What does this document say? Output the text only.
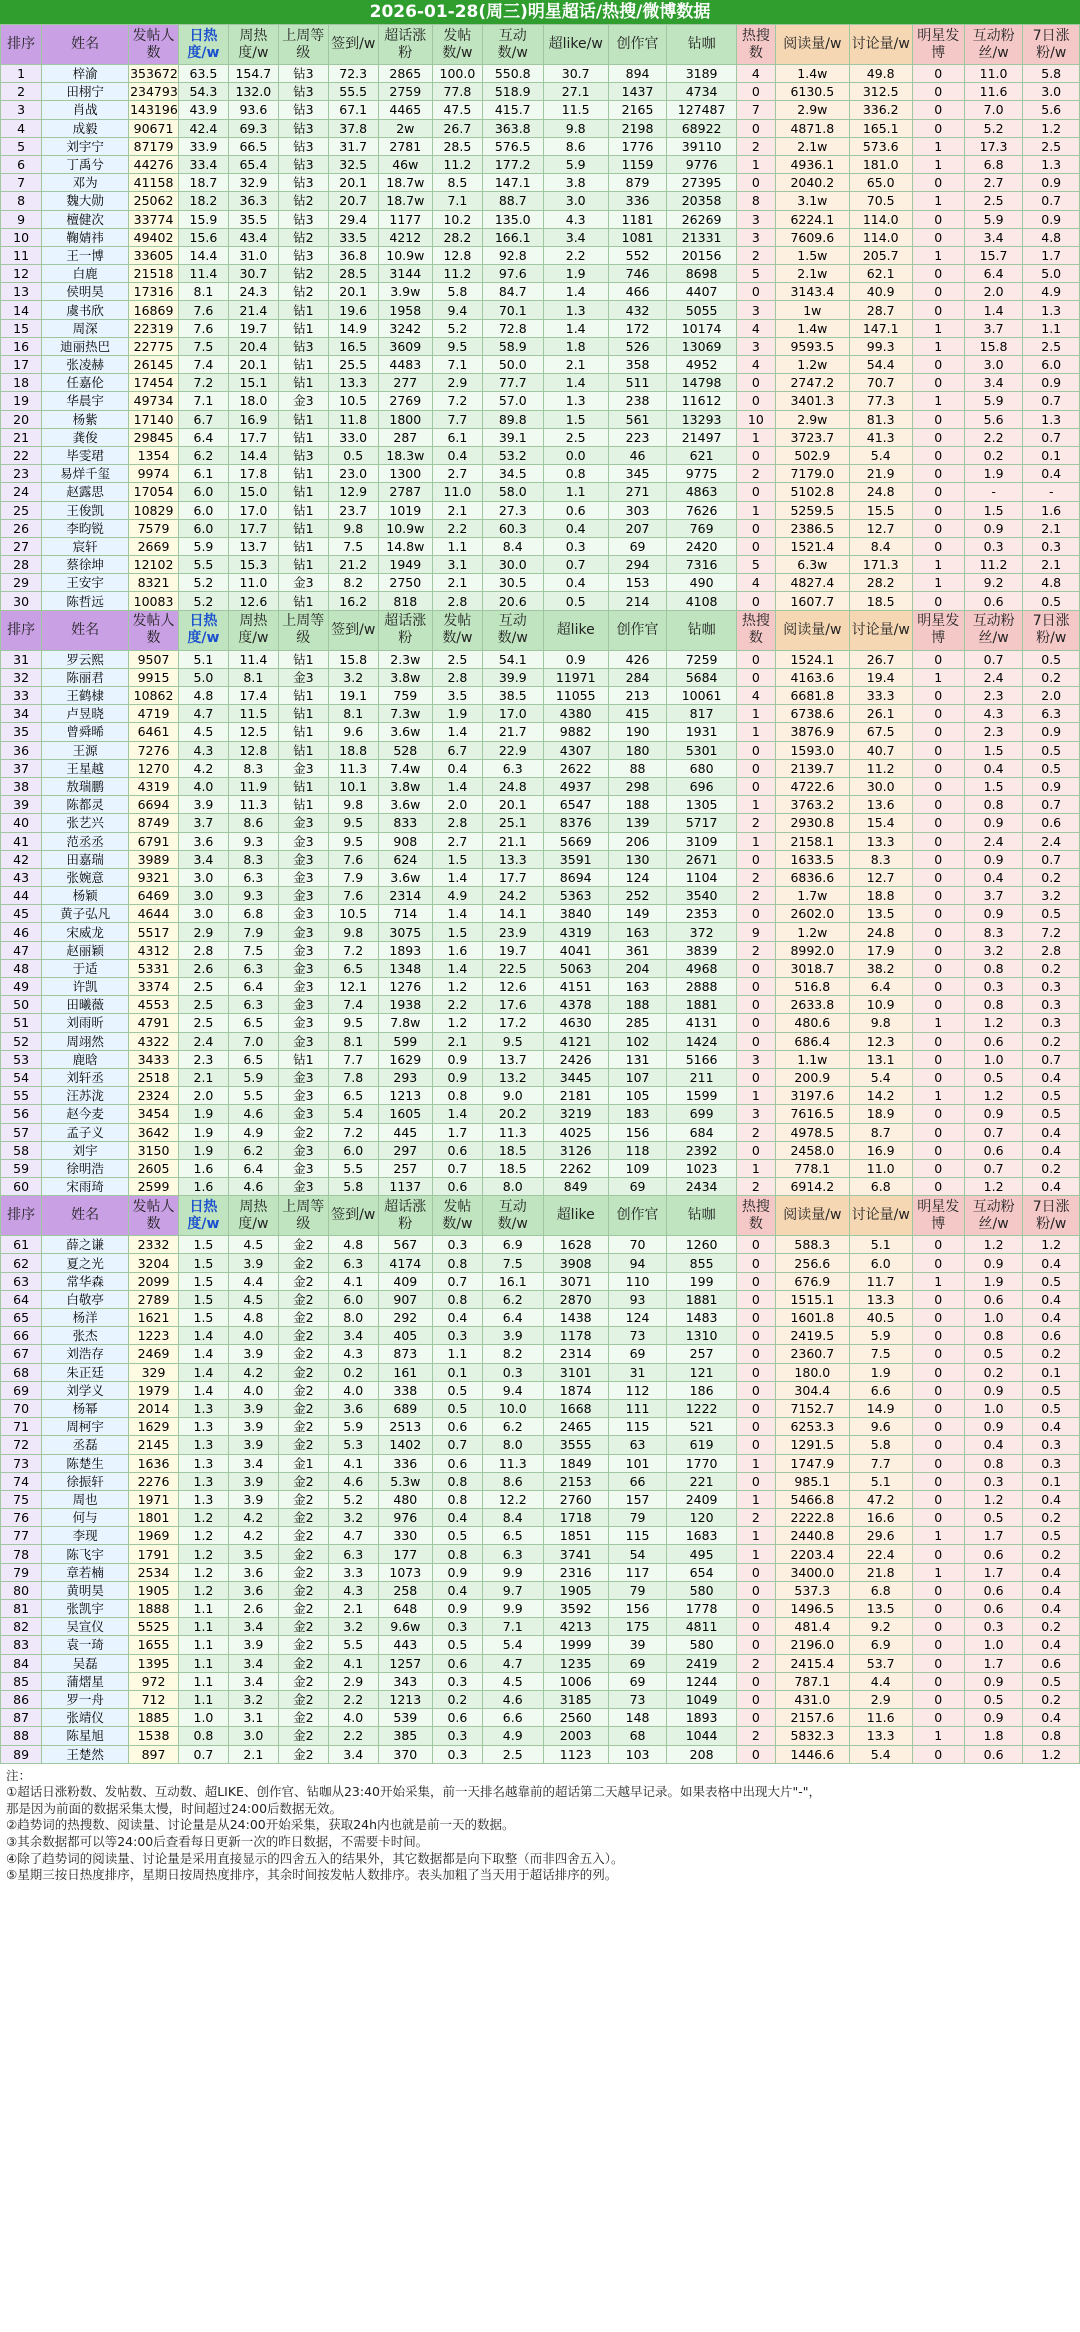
2026-01-28(周三)明星超话/热搜/微博数据
排序	姓名	发帖人数	日热度/w	周热度/w	上周等级	签到/w	超话涨粉	发帖数/w	互动数/w	超like/w	创作官	钻咖	热搜数	阅读量/w	讨论量/w	明星发博	互动粉丝/w	7日涨粉/w
1	梓渝	353672	63.5	154.7	钻3	72.3	2865	100.0	550.8	30.7	894	3189	4	1.4w	49.8	0	11.0	5.8
2	田栩宁	234793	54.3	132.0	钻3	55.5	2759	77.8	518.9	27.1	1437	4734	0	6130.5	312.5	0	11.6	3.0
3	肖战	143196	43.9	93.6	钻3	67.1	4465	47.5	415.7	11.5	2165	127487	7	2.9w	336.2	0	7.0	5.6
4	成毅	90671	42.4	69.3	钻3	37.8	2w	26.7	363.8	9.8	2198	68922	0	4871.8	165.1	0	5.2	1.2
5	刘宇宁	87179	33.9	66.5	钻3	31.7	2781	28.5	576.5	8.6	1776	39110	2	2.1w	573.6	1	17.3	2.5
6	丁禹兮	44276	33.4	65.4	钻3	32.5	46w	11.2	177.2	5.9	1159	9776	1	4936.1	181.0	1	6.8	1.3
7	邓为	41158	18.7	32.9	钻3	20.1	18.7w	8.5	147.1	3.8	879	27395	0	2040.2	65.0	0	2.7	0.9
8	魏大勋	25062	18.2	36.3	钻2	20.7	18.7w	7.1	88.7	3.0	336	20358	8	3.1w	70.5	1	2.5	0.7
9	檀健次	33774	15.9	35.5	钻3	29.4	1177	10.2	135.0	4.3	1181	26269	3	6224.1	114.0	0	5.9	0.9
10	鞠婧祎	49402	15.6	43.4	钻2	33.5	4212	28.2	166.1	3.4	1081	21331	3	7609.6	114.0	0	3.4	4.8
11	王一博	33605	14.4	31.0	钻3	36.8	10.9w	12.8	92.8	2.2	552	20156	2	1.5w	205.7	1	15.7	1.7
12	白鹿	21518	11.4	30.7	钻2	28.5	3144	11.2	97.6	1.9	746	8698	5	2.1w	62.1	0	6.4	5.0
13	侯明昊	17316	8.1	24.3	钻2	20.1	3.9w	5.8	84.7	1.4	466	4407	0	3143.4	40.9	0	2.0	4.9
14	虞书欣	16869	7.6	21.4	钻1	19.6	1958	9.4	70.1	1.3	432	5055	3	1w	28.7	0	1.4	1.3
15	周深	22319	7.6	19.7	钻1	14.9	3242	5.2	72.8	1.4	172	10174	4	1.4w	147.1	1	3.7	1.1
16	迪丽热巴	22775	7.5	20.4	钻3	16.5	3609	9.5	58.9	1.8	526	13069	3	9593.5	99.3	1	15.8	2.5
17	张凌赫	26145	7.4	20.1	钻1	25.5	4483	7.1	50.0	2.1	358	4952	4	1.2w	54.4	0	3.0	6.0
18	任嘉伦	17454	7.2	15.1	钻1	13.3	277	2.9	77.7	1.4	511	14798	0	2747.2	70.7	0	3.4	0.9
19	华晨宇	49734	7.1	18.0	金3	10.5	2769	7.2	57.0	1.3	238	11612	0	3401.3	77.3	1	5.9	0.7
20	杨紫	17140	6.7	16.9	钻1	11.8	1800	7.7	89.8	1.5	561	13293	10	2.9w	81.3	0	5.6	1.3
21	龚俊	29845	6.4	17.7	钻1	33.0	287	6.1	39.1	2.5	223	21497	1	3723.7	41.3	0	2.2	0.7
22	毕雯珺	1354	6.2	14.4	钻3	0.5	18.3w	0.4	53.2	0.0	46	621	0	502.9	5.4	0	0.2	0.1
23	易烊千玺	9974	6.1	17.8	钻1	23.0	1300	2.7	34.5	0.8	345	9775	2	7179.0	21.9	0	1.9	0.4
24	赵露思	17054	6.0	15.0	钻1	12.9	2787	11.0	58.0	1.1	271	4863	0	5102.8	24.8	0	-	-
25	王俊凯	10829	6.0	17.0	钻1	23.7	1019	2.1	27.3	0.6	303	7626	1	5259.5	15.5	0	1.5	1.6
26	李昀锐	7579	6.0	17.7	钻1	9.8	10.9w	2.2	60.3	0.4	207	769	0	2386.5	12.7	0	0.9	2.1
27	宸轩	2669	5.9	13.7	钻1	7.5	14.8w	1.1	8.4	0.3	69	2420	0	1521.4	8.4	0	0.3	0.3
28	蔡徐坤	12102	5.5	15.3	钻1	21.2	1949	3.1	30.0	0.7	294	7316	5	6.3w	171.3	1	11.2	2.1
29	王安宇	8321	5.2	11.0	金3	8.2	2750	2.1	30.5	0.4	153	490	4	4827.4	28.2	1	9.2	4.8
30	陈哲远	10083	5.2	12.6	钻1	16.2	818	2.8	20.6	0.5	214	4108	0	1607.7	18.5	0	0.6	0.5
排序	姓名	发帖人数	日热度/w	周热度/w	上周等级	签到/w	超话涨粉	发帖数/w	互动数/w	超like	创作官	钻咖	热搜数	阅读量/w	讨论量/w	明星发博	互动粉丝/w	7日涨粉/w
31	罗云熙	9507	5.1	11.4	钻1	15.8	2.3w	2.5	54.1	0.9	426	7259	0	1524.1	26.7	0	0.7	0.5
32	陈丽君	9915	5.0	8.1	金3	3.2	3.8w	2.8	39.9	11971	284	5684	0	4163.6	19.4	1	2.4	0.2
33	王鹤棣	10862	4.8	17.4	钻1	19.1	759	3.5	38.5	11055	213	10061	4	6681.8	33.3	0	2.3	2.0
34	卢昱晓	4719	4.7	11.5	钻1	8.1	7.3w	1.9	17.0	4380	415	817	1	6738.6	26.1	0	4.3	6.3
35	曾舜晞	6461	4.5	12.5	钻1	9.6	3.6w	1.4	21.7	9882	190	1931	1	3876.9	67.5	0	2.3	0.9
36	王源	7276	4.3	12.8	钻1	18.8	528	6.7	22.9	4307	180	5301	0	1593.0	40.7	0	1.5	0.5
37	王星越	1270	4.2	8.3	金3	11.3	7.4w	0.4	6.3	2622	88	680	0	2139.7	11.2	0	0.4	0.5
38	敖瑞鹏	4319	4.0	11.9	钻1	10.1	3.8w	1.4	24.8	4937	298	696	0	4722.6	30.0	0	1.5	0.9
39	陈都灵	6694	3.9	11.3	钻1	9.8	3.6w	2.0	20.1	6547	188	1305	1	3763.2	13.6	0	0.8	0.7
40	张艺兴	8749	3.7	8.6	金3	9.5	833	2.8	25.1	8376	139	5717	2	2930.8	15.4	0	0.9	0.6
41	范丞丞	6791	3.6	9.3	金3	9.5	908	2.7	21.1	5669	206	3109	1	2158.1	13.3	0	2.4	2.4
42	田嘉瑞	3989	3.4	8.3	金3	7.6	624	1.5	13.3	3591	130	2671	0	1633.5	8.3	0	0.9	0.7
43	张婉意	9321	3.0	6.3	金3	7.9	3.6w	1.4	17.7	8694	124	1104	2	6836.6	12.7	0	0.4	0.2
44	杨颖	6469	3.0	9.3	金3	7.6	2314	4.9	24.2	5363	252	3540	2	1.7w	18.8	0	3.7	3.2
45	黄子弘凡	4644	3.0	6.8	金3	10.5	714	1.4	14.1	3840	149	2353	0	2602.0	13.5	0	0.9	0.5
46	宋威龙	5517	2.9	7.9	金3	9.8	3075	1.5	23.9	4319	163	372	9	1.2w	24.8	0	8.3	7.2
47	赵丽颖	4312	2.8	7.5	金3	7.2	1893	1.6	19.7	4041	361	3839	2	8992.0	17.9	0	3.2	2.8
48	于适	5331	2.6	6.3	金3	6.5	1348	1.4	22.5	5063	204	4968	0	3018.7	38.2	0	0.8	0.2
49	许凯	3374	2.5	6.4	金3	12.1	1276	1.2	12.6	4151	163	2888	0	516.8	6.4	0	0.3	0.3
50	田曦薇	4553	2.5	6.3	金3	7.4	1938	2.2	17.6	4378	188	1881	0	2633.8	10.9	0	0.8	0.3
51	刘雨昕	4791	2.5	6.5	金3	9.5	7.8w	1.2	17.2	4630	285	4131	0	480.6	9.8	1	1.2	0.3
52	周翊然	4322	2.4	7.0	金3	8.1	599	2.1	9.5	4121	102	1424	0	686.4	12.3	0	0.6	0.2
53	鹿晗	3433	2.3	6.5	钻1	7.7	1629	0.9	13.7	2426	131	5166	3	1.1w	13.1	0	1.0	0.7
54	刘轩丞	2518	2.1	5.9	金3	7.8	293	0.9	13.2	3445	107	211	0	200.9	5.4	0	0.5	0.4
55	汪苏泷	2324	2.0	5.5	金3	6.5	1213	0.8	9.0	2181	105	1599	1	3197.6	14.2	1	1.2	0.5
56	赵今麦	3454	1.9	4.6	金3	5.4	1605	1.4	20.2	3219	183	699	3	7616.5	18.9	0	0.9	0.5
57	孟子义	3642	1.9	4.9	金2	7.2	445	1.7	11.3	4025	156	684	2	4978.5	8.7	0	0.7	0.4
58	刘宇	3150	1.9	6.2	金3	6.0	297	0.6	18.5	3126	118	2392	0	2458.0	16.9	0	0.6	0.4
59	徐明浩	2605	1.6	6.4	金3	5.5	257	0.7	18.5	2262	109	1023	1	778.1	11.0	0	0.7	0.2
60	宋雨琦	2599	1.6	4.6	金3	5.8	1137	0.6	8.0	849	69	2434	2	6914.2	6.8	0	1.2	0.4
排序	姓名	发帖人数	日热度/w	周热度/w	上周等级	签到/w	超话涨粉	发帖数/w	互动数/w	超like	创作官	钻咖	热搜数	阅读量/w	讨论量/w	明星发博	互动粉丝/w	7日涨粉/w
61	薛之谦	2332	1.5	4.5	金2	4.8	567	0.3	6.9	1628	70	1260	0	588.3	5.1	0	1.2	1.2
62	夏之光	3204	1.5	3.9	金2	6.3	4174	0.8	7.5	3908	94	855	0	256.6	6.0	0	0.9	0.4
63	常华森	2099	1.5	4.4	金2	4.1	409	0.7	16.1	3071	110	199	0	676.9	11.7	1	1.9	0.5
64	白敬亭	2789	1.5	4.5	金2	6.0	907	0.8	6.2	2870	93	1881	0	1515.1	13.3	0	0.6	0.4
65	杨洋	1621	1.5	4.8	金2	8.0	292	0.4	6.4	1438	124	1483	0	1601.8	40.5	0	1.0	0.4
66	张杰	1223	1.4	4.0	金2	3.4	405	0.3	3.9	1178	73	1310	0	2419.5	5.9	0	0.8	0.6
67	刘浩存	2469	1.4	3.9	金2	4.3	873	1.1	8.2	2314	69	257	0	2360.7	7.5	0	0.5	0.2
68	朱正廷	329	1.4	4.2	金2	0.2	161	0.1	0.3	3101	31	121	0	180.0	1.9	0	0.2	0.1
69	刘学义	1979	1.4	4.0	金2	4.0	338	0.5	9.4	1874	112	186	0	304.4	6.6	0	0.9	0.5
70	杨幂	2014	1.3	3.9	金2	3.6	689	0.5	10.0	1668	111	1222	0	7152.7	14.9	0	1.0	0.5
71	周柯宇	1629	1.3	3.9	金2	5.9	2513	0.6	6.2	2465	115	521	0	6253.3	9.6	0	0.9	0.4
72	丞磊	2145	1.3	3.9	金2	5.3	1402	0.7	8.0	3555	63	619	0	1291.5	5.8	0	0.4	0.3
73	陈楚生	1636	1.3	3.4	金1	4.1	336	0.6	11.3	1849	101	1770	1	1747.9	7.7	0	0.8	0.3
74	徐振轩	2276	1.3	3.9	金2	4.6	5.3w	0.8	8.6	2153	66	221	0	985.1	5.1	0	0.3	0.1
75	周也	1971	1.3	3.9	金2	5.2	480	0.8	12.2	2760	157	2409	1	5466.8	47.2	0	1.2	0.4
76	何与	1801	1.2	4.2	金2	3.2	976	0.4	8.4	1718	79	120	2	2222.8	16.6	0	0.5	0.2
77	李现	1969	1.2	4.2	金2	4.7	330	0.5	6.5	1851	115	1683	1	2440.8	29.6	1	1.7	0.5
78	陈飞宇	1791	1.2	3.5	金2	6.3	177	0.8	6.3	3741	54	495	1	2203.4	22.4	0	0.6	0.2
79	章若楠	2534	1.2	3.6	金2	3.3	1073	0.9	9.9	2316	117	654	0	3400.0	21.8	1	1.7	0.4
80	黄明昊	1905	1.2	3.6	金2	4.3	258	0.4	9.7	1905	79	580	0	537.3	6.8	0	0.6	0.4
81	张凯宇	1888	1.1	2.6	金2	2.1	648	0.9	9.9	3592	156	1778	0	1496.5	13.5	0	0.6	0.4
82	吴宣仪	5525	1.1	3.4	金2	3.2	9.6w	0.3	7.1	4213	175	4811	0	481.4	9.2	0	0.3	0.2
83	袁一琦	1655	1.1	3.9	金2	5.5	443	0.5	5.4	1999	39	580	0	2196.0	6.9	0	1.0	0.4
84	吴磊	1395	1.1	3.4	金2	4.1	1257	0.6	4.7	1235	69	2419	2	2415.4	53.7	0	1.7	0.6
85	蒲熠星	972	1.1	3.4	金2	2.9	343	0.3	4.5	1006	69	1244	0	787.1	4.4	0	0.9	0.5
86	罗一舟	712	1.1	3.2	金2	2.2	1213	0.2	4.6	3185	73	1049	0	431.0	2.9	0	0.5	0.2
87	张靖仪	1885	1.0	3.1	金2	4.0	539	0.6	6.6	2560	148	1893	0	2157.6	11.6	0	0.9	0.4
88	陈星旭	1538	0.8	3.0	金2	2.2	385	0.3	4.9	2003	68	1044	2	5832.3	13.3	1	1.8	0.8
89	王楚然	897	0.7	2.1	金2	3.4	370	0.3	2.5	1123	103	208	0	1446.6	5.4	0	0.6	1.2
注：
①超话日涨粉数、发帖数、互动数、超LIKE、创作官、钻咖从23:40开始采集，前一天排名越靠前的超话第二天越早记录。如果表格中出现大片"-"，
那是因为前面的数据采集太慢，时间超过24:00后数据无效。
②趋势词的热搜数、阅读量、讨论量是从24:00开始采集，获取24h内也就是前一天的数据。
③其余数据都可以等24:00后查看每日更新一次的昨日数据，不需要卡时间。
④除了趋势词的阅读量、讨论量是采用直接显示的四舍五入的结果外，其它数据都是向下取整（而非四舍五入）。
⑤星期三按日热度排序，星期日按周热度排序，其余时间按发帖人数排序。表头加粗了当天用于超话排序的列。
